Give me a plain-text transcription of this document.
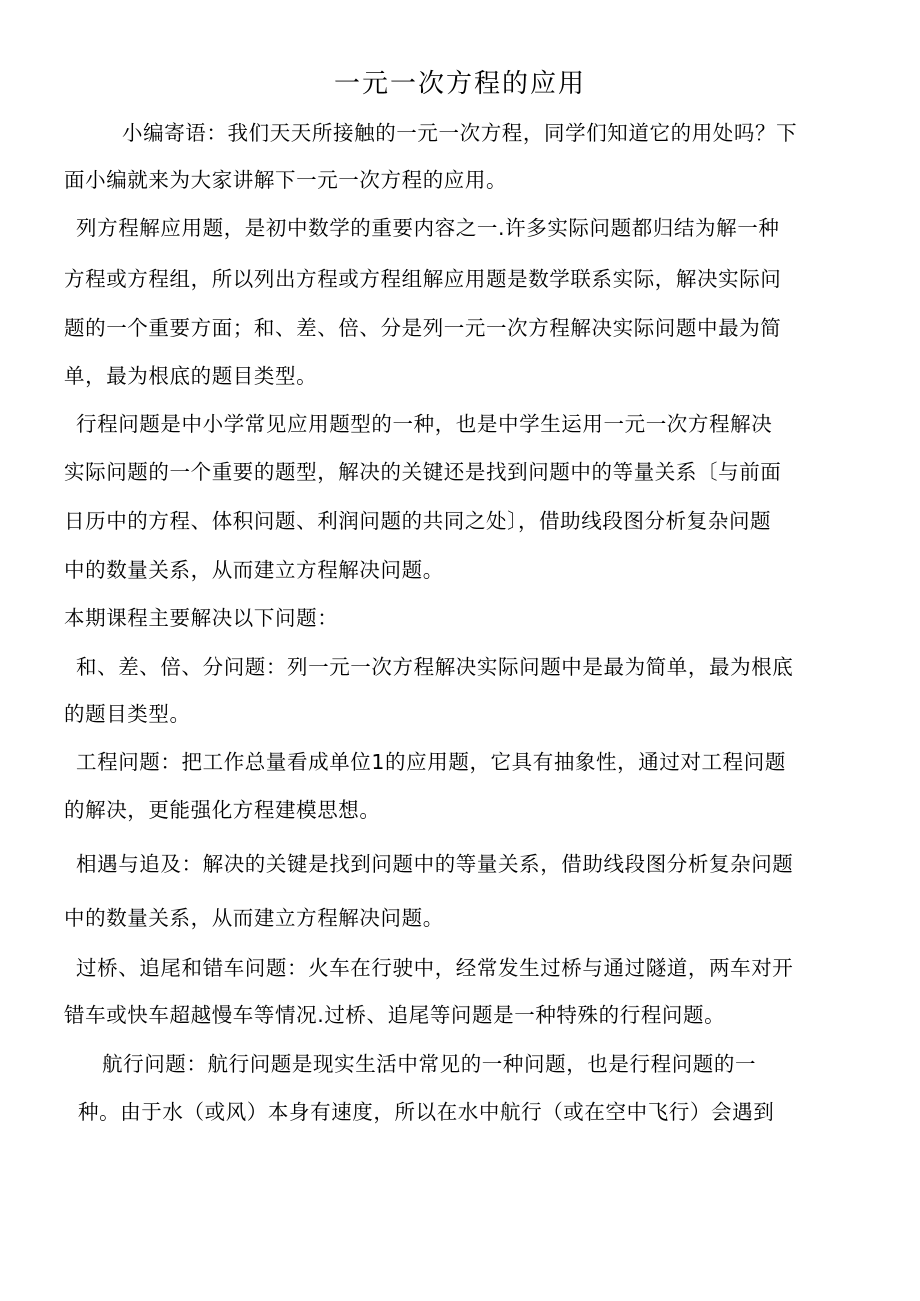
一元一次方程的应用
小编寄语：我们天天所接触的一元一次方程，同学们知道它的用处吗？下
面小编就来为大家讲解下一元一次方程的应用。
列方程解应用题，是初中数学的重要内容之一.许多实际问题都归结为解一种
方程或方程组，所以列出方程或方程组解应用题是数学联系实际，解决实际问
题的一个重要方面；和、差、倍、分是列一元一次方程解决实际问题中最为简
单，最为根底的题目类型。
行程问题是中小学常见应用题型的一种，也是中学生运用一元一次方程解决
实际问题的一个重要的题型，解决的关键还是找到问题中的等量关系〔与前面
日历中的方程、体积问题、利润问题的共同之处〕，借助线段图分析复杂问题
中的数量关系，从而建立方程解决问题。
本期课程主要解决以下问题：
和、差、倍、分问题：列一元一次方程解决实际问题中是最为简单，最为根底
的题目类型。
工程问题：把工作总量看成单位1的应用题，它具有抽象性，通过对工程问题
的解决，更能强化方程建模思想。
相遇与追及：解决的关键是找到问题中的等量关系，借助线段图分析复杂问题
中的数量关系，从而建立方程解决问题。
过桥、追尾和错车问题：火车在行驶中，经常发生过桥与通过隧道，两车对开
错车或快车超越慢车等情况.过桥、追尾等问题是一种特殊的行程问题。
航行问题：航行问题是现实生活中常见的一种问题，也是行程问题的一
种。由于水（或风）本身有速度，所以在水中航行（或在空中飞行）会遇到
